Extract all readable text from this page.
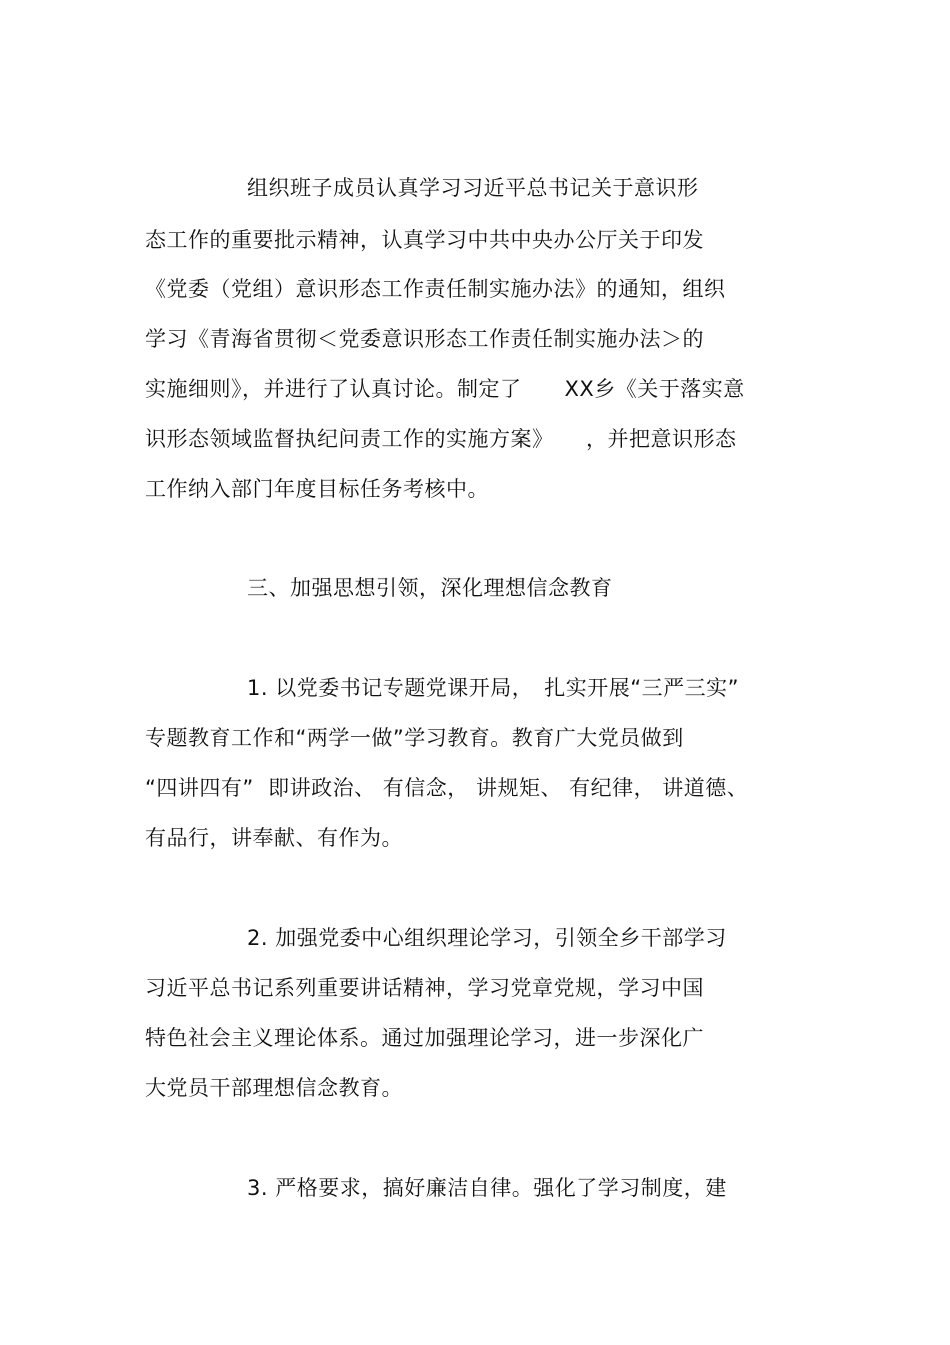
组织班子成员认真学习习近平总书记关于意识形
态工作的重要批示精神，认真学习中共中央办公厅关于印发
《党委（党组）意识形态工作责任制实施办法》的通知，组织
学习《青海省贯彻＜党委意识形态工作责任制实施办法＞的
实施细则》，并进行了认真讨论。制定了　　XX乡《关于落实意
识形态领域监督执纪问责工作的实施方案》　　，并把意识形态
工作纳入部门年度目标任务考核中。
三、加强思想引领，深化理想信念教育
1. 以党委书记专题党课开局，　扎实开展“三严三实”
专题教育工作和“两学一做”学习教育。教育广大党员做到
“四讲四有”  即讲政治、 有信念， 讲规矩、 有纪律， 讲道德、
有品行，讲奉献、有作为。
2. 加强党委中心组织理论学习，引领全乡干部学习
习近平总书记系列重要讲话精神，学习党章党规，学习中国
特色社会主义理论体系。通过加强理论学习，进一步深化广
大党员干部理想信念教育。
3. 严格要求，搞好廉洁自律。强化了学习制度，建
